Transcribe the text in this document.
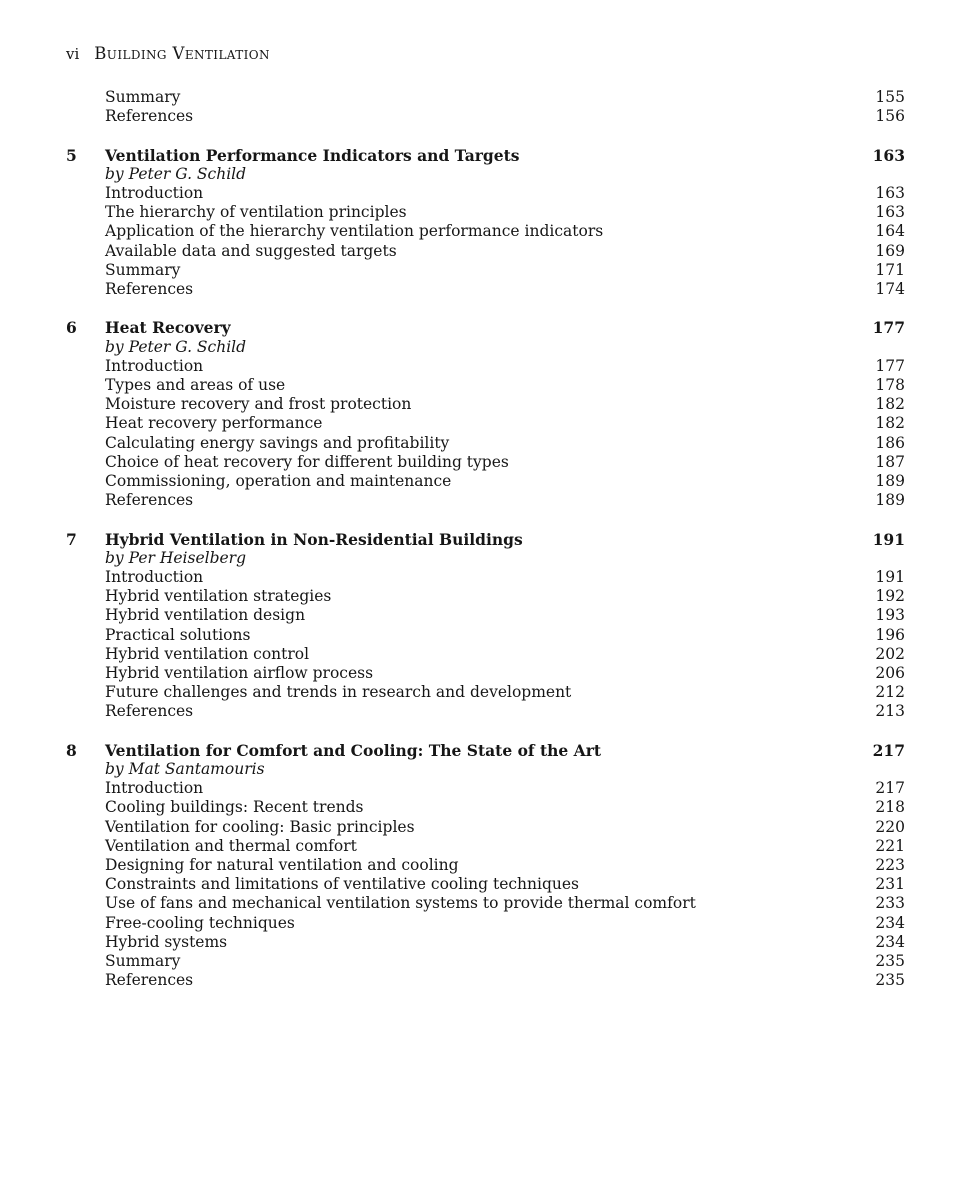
vi Building Ventilation
Summary	155
References	156
5	Ventilation Performance Indicators and Targets	163
by Peter G. Schild
Introduction	163
The hierarchy of ventilation principles	163
Application of the hierarchy ventilation performance indicators	164
Available data and suggested targets	169
Summary	171
References	174
6	Heat Recovery	177
by Peter G. Schild
Introduction	177
Types and areas of use	178
Moisture recovery and frost protection	182
Heat recovery performance	182
Calculating energy savings and profitability	186
Choice of heat recovery for different building types	187
Commissioning, operation and maintenance	189
References	189
7	Hybrid Ventilation in Non-Residential Buildings	191
by Per Heiselberg
Introduction	191
Hybrid ventilation strategies	192
Hybrid ventilation design	193
Practical solutions	196
Hybrid ventilation control	202
Hybrid ventilation airflow process	206
Future challenges and trends in research and development	212
References	213
8	Ventilation for Comfort and Cooling: The State of the Art	217
by Mat Santamouris
Introduction	217
Cooling buildings: Recent trends	218
Ventilation for cooling: Basic principles	220
Ventilation and thermal comfort	221
Designing for natural ventilation and cooling	223
Constraints and limitations of ventilative cooling techniques	231
Use of fans and mechanical ventilation systems to provide thermal comfort	233
Free-cooling techniques	234
Hybrid systems	234
Summary	235
References	235
